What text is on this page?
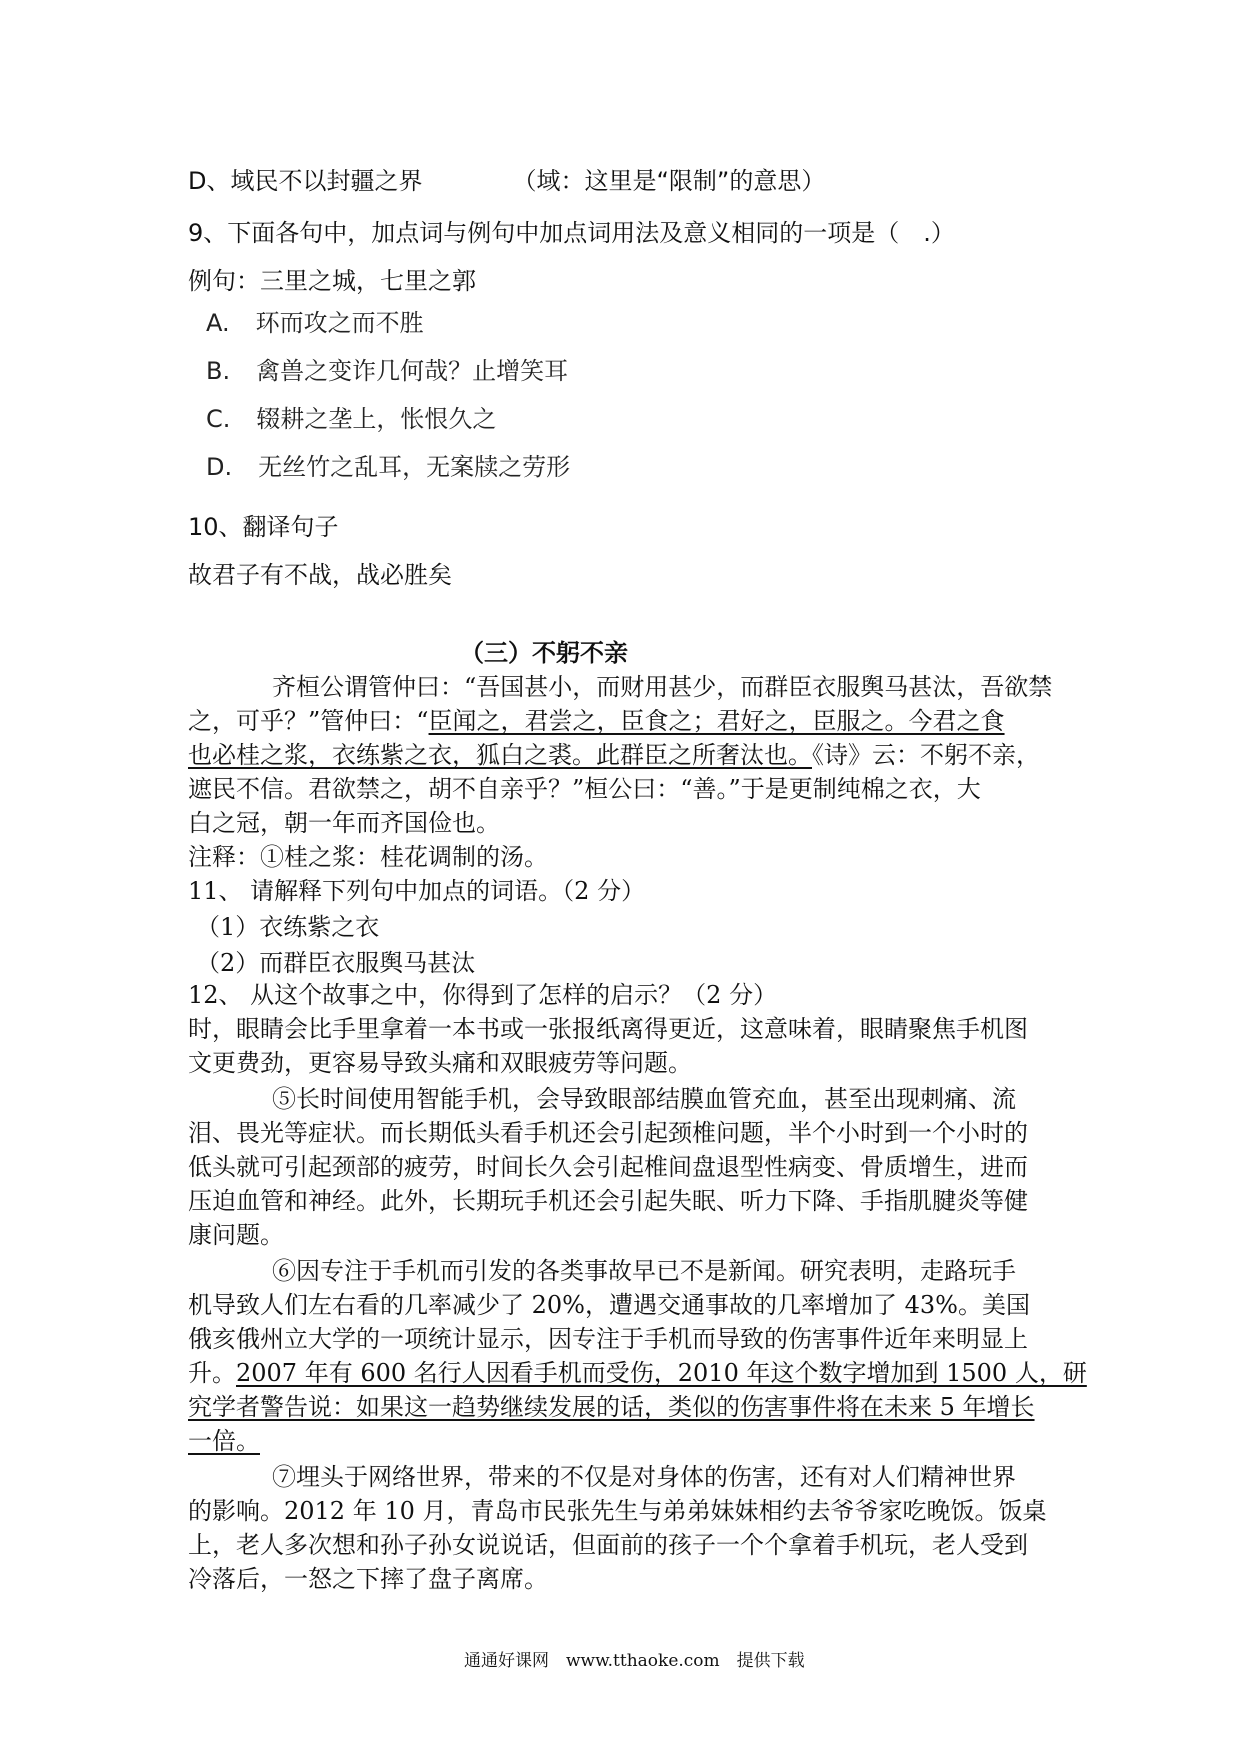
D、域民不以封疆之界	（域：这里是“限制”的意思）
9、下面各句中，加点词与例句中加点词用法及意义相同的一项是（　.）
例句：三里之城，七里之郭
A. 环而攻之而不胜
B. 禽兽之变诈几何哉？止增笑耳
C. 辍耕之垄上，怅恨久之
D. 无丝竹之乱耳，无案牍之劳形
10、翻译句子
故君子有不战，战必胜矣
（三）不躬不亲
齐桓公谓管仲曰：“吾国甚小，而财用甚少，而群臣衣服舆马甚汰，吾欲禁
之，可乎？”管仲曰：“臣闻之，君尝之，臣食之；君好之，臣服之。今君之食
也必桂之浆，衣练紫之衣，狐白之裘。此群臣之所奢汰也。《诗》云：不躬不亲，
遮民不信。君欲禁之，胡不自亲乎？”桓公曰：“善。”于是更制纯棉之衣，大
白之冠，朝一年而齐国俭也。
注释：①桂之浆：桂花调制的汤。
11、 请解释下列句中加点的词语。（2 分）
（1）衣练紫之衣
（2）而群臣衣服舆马甚汰
12、 从这个故事之中，你得到了怎样的启示？（2 分）
时，眼睛会比手里拿着一本书或一张报纸离得更近，这意味着，眼睛聚焦手机图
文更费劲，更容易导致头痛和双眼疲劳等问题。
⑤长时间使用智能手机，会导致眼部结膜血管充血，甚至出现刺痛、流
泪、畏光等症状。而长期低头看手机还会引起颈椎问题，半个小时到一个小时的
低头就可引起颈部的疲劳，时间长久会引起椎间盘退型性病变、骨质增生，进而
压迫血管和神经。此外，长期玩手机还会引起失眠、听力下降、手指肌腱炎等健
康问题。
⑥因专注于手机而引发的各类事故早已不是新闻。研究表明，走路玩手
机导致人们左右看的几率减少了 20%，遭遇交通事故的几率增加了 43%。美国
俄亥俄州立大学的一项统计显示，因专注于手机而导致的伤害事件近年来明显上
升。2007 年有 600 名行人因看手机而受伤，2010 年这个数字增加到 1500 人，研
究学者警告说：如果这一趋势继续发展的话，类似的伤害事件将在未来 5 年增长
一倍。
⑦埋头于网络世界，带来的不仅是对身体的伤害，还有对人们精神世界
的影响。2012 年 10 月，青岛市民张先生与弟弟妹妹相约去爷爷家吃晚饭。饭桌
上，老人多次想和孙子孙女说说话，但面前的孩子一个个拿着手机玩，老人受到
冷落后，一怒之下摔了盘子离席。
通通好课网　www.tthaoke.com　提供下载
